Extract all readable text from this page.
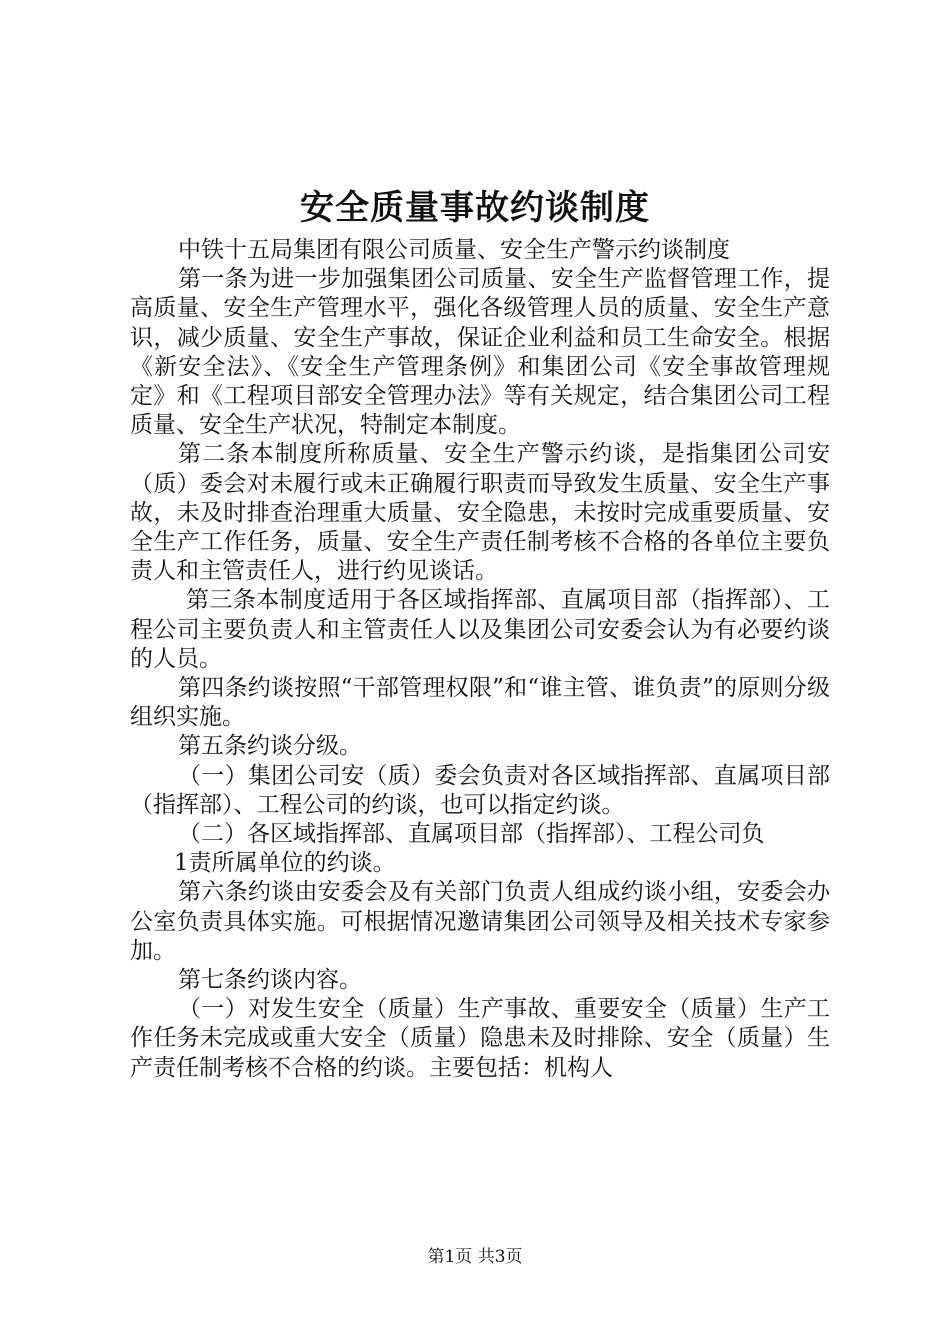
安全质量事故约谈制度

中铁十五局集团有限公司质量、安全生产警示约谈制度

第一条为进一步加强集团公司质量、安全生产监督管理工作，提高质量、安全生产管理水平，强化各级管理人员的质量、安全生产意识，减少质量、安全生产事故，保证企业利益和员工生命安全。根据《新安全法》、《安全生产管理条例》和集团公司《安全事故管理规定》和《工程项目部安全管理办法》等有关规定，结合集团公司工程质量、安全生产状况，特制定本制度。

第二条本制度所称质量、安全生产警示约谈，是指集团公司安（质）委会对未履行或未正确履行职责而导致发生质量、安全生产事故，未及时排查治理重大质量、安全隐患，未按时完成重要质量、安全生产工作任务，质量、安全生产责任制考核不合格的各单位主要负责人和主管责任人，进行约见谈话。

第三条本制度适用于各区域指挥部、直属项目部（指挥部）、工程公司主要负责人和主管责任人以及集团公司安委会认为有必要约谈的人员。

第四条约谈按照“干部管理权限”和“谁主管、谁负责”的原则分级组织实施。

第五条约谈分级。

（一）集团公司安（质）委会负责对各区域指挥部、直属项目部（指挥部）、工程公司的约谈，也可以指定约谈。

（二）各区域指挥部、直属项目部（指挥部）、工程公司负

1责所属单位的约谈。

第六条约谈由安委会及有关部门负责人组成约谈小组，安委会办公室负责具体实施。可根据情况邀请集团公司领导及相关技术专家参加。

第七条约谈内容。

（一）对发生安全（质量）生产事故、重要安全（质量）生产工作任务未完成或重大安全（质量）隐患未及时排除、安全（质量）生产责任制考核不合格的约谈。主要包括：机构人

第1页 共3页
